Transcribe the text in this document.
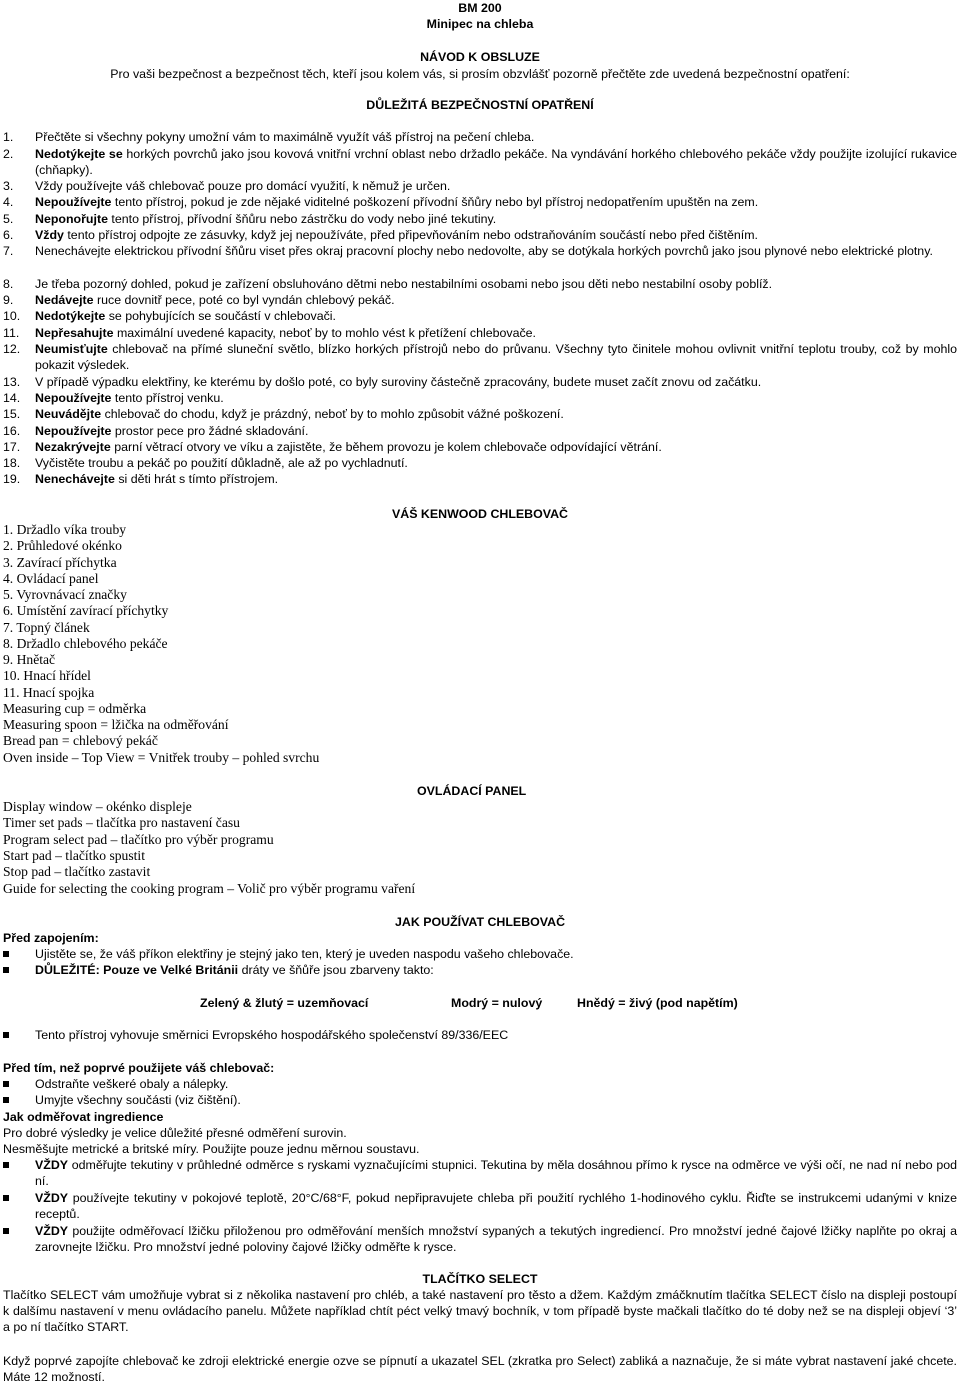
BM 200
Minipec na chleba
NÁVOD K OBSLUZE
Pro vaši bezpečnost a bezpečnost těch, kteří jsou kolem vás, si prosím obzvlášť pozorně přečtěte zde uvedená bezpečnostní opatření:
DŮLEŽITÁ BEZPEČNOSTNÍ OPATŘENÍ
1. Přečtěte si všechny pokyny umožní vám to maximálně využít váš přístroj na pečení chleba.
2. Nedotýkejte se horkých povrchů jako jsou kovová vnitřní vrchní oblast nebo držadlo pekáče. Na vyndávání horkého chlebového pekáče vždy použijte izolující rukavice (chňapky).
3. Vždy používejte váš chlebovač pouze pro domácí využití, k němuž je určen.
4. Nepoužívejte tento přístroj, pokud je zde nějaké viditelné poškození přívodní šňůry nebo byl přístroj nedopatřením upuštěn na zem.
5. Neponořujte tento přístroj, přívodní šňůru nebo zástrčku do vody nebo jiné tekutiny.
6. Vždy tento přístroj odpojte ze zásuvky, když jej nepoužíváte, před připevňováním nebo odstraňováním součástí nebo před čištěním.
7. Nenechávejte elektrickou přívodní šňůru viset přes okraj pracovní plochy nebo nedovolte, aby se dotýkala horkých povrchů jako jsou plynové nebo elektrické plotny.
8. Je třeba pozorný dohled, pokud je zařízení obsluhováno dětmi nebo nestabilními osobami nebo jsou děti nebo nestabilní osoby poblíž.
9. Nedávejte ruce dovnitř pece, poté co byl vyndán chlebový pekáč.
10. Nedotýkejte se pohybujících se součástí v chlebovači.
11. Nepřesahujte maximální uvedené kapacity, neboť by to mohlo vést k přetížení chlebovače.
12. Neumisťujte chlebovač na přímé sluneční světlo, blízko horkých přístrojů nebo do průvanu. Všechny tyto činitele mohou ovlivnit vnitřní teplotu trouby, což by mohlo pokazit výsledek.
13. V případě výpadku elektřiny, ke kterému by došlo poté, co byly suroviny částečně zpracovány, budete muset začít znovu od začátku.
14. Nepoužívejte tento přístroj venku.
15. Neuvádějte chlebovač do chodu, když je prázdný, neboť by to mohlo způsobit vážné poškození.
16. Nepoužívejte prostor pece pro žádné skladování.
17. Nezakrývejte parní větrací otvory ve víku a zajistěte, že během provozu je kolem chlebovače odpovídající větrání.
18. Vyčistěte troubu a pekáč po použití důkladně, ale až po vychladnutí.
19. Nenechávejte si děti hrát s tímto přístrojem.
VÁŠ KENWOOD CHLEBOVAČ
1. Držadlo víka trouby
2. Průhledové okénko
3. Zavírací příchytka
4. Ovládací panel
5. Vyrovnávací značky
6. Umístění zavírací příchytky
7. Topný článek
8. Držadlo chlebového pekáče
9. Hnětač
10. Hnací hřídel
11. Hnací spojka
Measuring cup = odměrka
Measuring spoon = lžička na odměřování
Bread pan = chlebový pekáč
Oven inside – Top View = Vnitřek trouby – pohled svrchu
OVLÁDACÍ PANEL
Display window – okénko displeje
Timer set pads – tlačítka pro nastavení času
Program select pad – tlačítko pro výběr programu
Start pad – tlačítko spustit
Stop pad – tlačítko zastavit
Guide for selecting the cooking program – Volič pro výběr programu vaření
JAK POUŽÍVAT CHLEBOVAČ
Před zapojením:
Ujistěte se, že váš příkon elektřiny je stejný jako ten, který je uveden naspodu vašeho chlebovače.
DŮLEŽITÉ: Pouze ve Velké Británii dráty ve šňůře jsou zbarveny takto:
Zelený & žlutý = uzemňovací	Modrý = nulový	Hnědý = živý (pod napětím)
Tento přístroj vyhovuje směrnici Evropského hospodářského společenství 89/336/EEC
Před tím, než poprvé použijete váš chlebovač:
Odstraňte veškeré obaly a nálepky.
Umyjte všechny součásti (viz čištění).
Jak odměřovat ingredience
Pro dobré výsledky je velice důležité přesné odměření surovin.
Nesměšujte metrické a britské míry. Použijte pouze jednu měrnou soustavu.
VŽDY odměřujte tekutiny v průhledné odměrce s ryskami vyznačujícími stupnici. Tekutina by měla dosáhnou přímo k rysce na odměrce ve výši očí, ne nad ní nebo pod ní.
VŽDY používejte tekutiny v pokojové teplotě, 20°C/68°F, pokud nepřipravujete chleba při použití rychlého 1-hodinového cyklu. Řiďte se instrukcemi udanými v knize receptů.
VŽDY použijte odměřovací lžičku přiloženou pro odměřování menších množství sypaných a tekutých ingrediencí. Pro množství jedné čajové lžičky naplňte po okraj a zarovnejte lžičku. Pro množství jedné poloviny čajové lžičky odměřte k rysce.
TLAČÍTKO SELECT
Tlačítko SELECT vám umožňuje vybrat si z několika nastavení pro chléb, a také nastavení pro těsto a džem. Každým zmáčknutím tlačítka SELECT číslo na displeji postoupí k dalšímu nastavení v menu ovládacího panelu. Můžete například chtít péct velký tmavý bochník, v tom případě byste mačkali tlačítko do té doby než se na displeji objeví ‘3’ a po ní tlačítko START.
Když poprvé zapojíte chlebovač ke zdroji elektrické energie ozve se pípnutí a ukazatel SEL (zkratka pro Select) zabliká a naznačuje, že si máte vybrat nastavení jaké chcete. Máte 12 možností.
